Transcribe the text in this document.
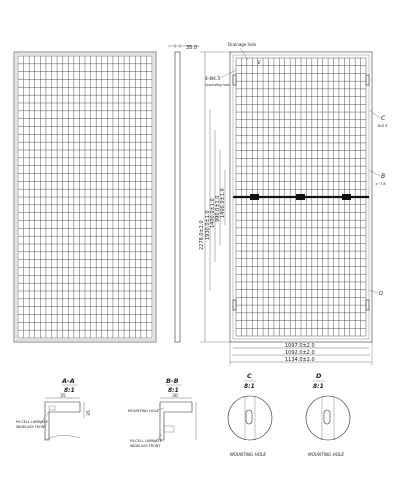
35.0
Drainage hole
4-Ø4.5
Grounding hole
2278.0±2.0 1930.0±1.0 1400.0±1.0 990.0±1.0 1400.0±1.0
1097.0±2.0
1092.0±2.0
1134.0±2.0
C
8-Ø 9
B
1~7-8
D
E
A-A
8:1
35
35
PV-CELL LAMINATE
WIDELASS FRONT
B-B
8:1
30
MOUNTING HOLE
PV-CELL LAMINATE
WIDELASS FRONT
C
8:1
MOUNTING HOLE
D
8:1
MOUNTING HOLE
